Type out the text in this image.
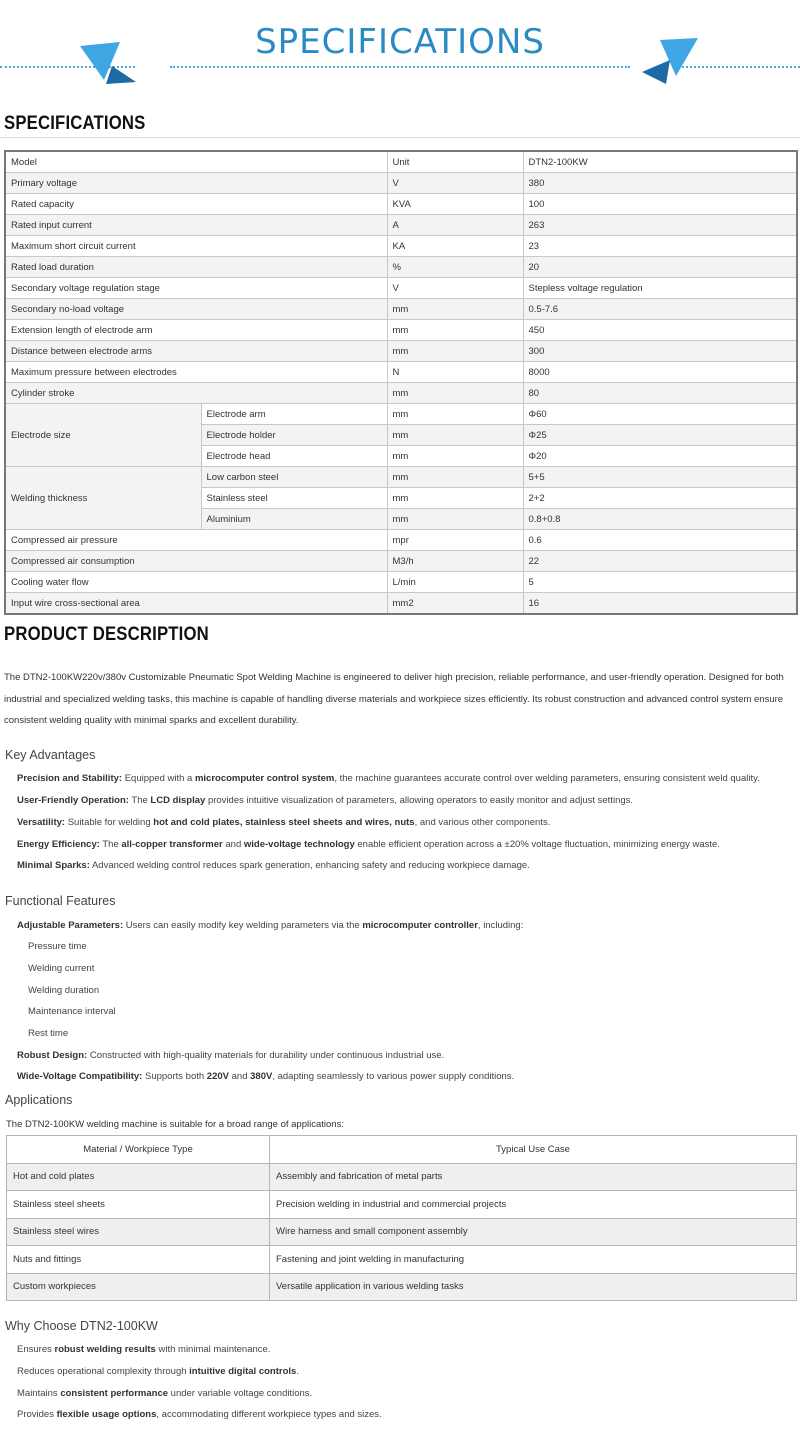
SPECIFICATIONS
SPECIFICATIONS
Model		Unit	DTN2-100KW
Primary voltage		V	380
Rated capacity		KVA	100
Rated input current		A	263
Maximum short circuit current		KA	23
Rated load duration		%	20
Secondary voltage regulation stage		V	Stepless voltage regulation
Secondary no-load voltage		mm	0.5-7.6
Extension length of electrode arm		mm	450
Distance between electrode arms		mm	300
Maximum pressure between electrodes		N	8000
Cylinder stroke		mm	80
Electrode size	Electrode arm	mm	Φ60
	Electrode holder	mm	Φ25
	Electrode head	mm	Φ20
Welding thickness	Low carbon steel	mm	5+5
	Stainless steel	mm	2+2
	Aluminium	mm	0.8+0.8
Compressed air pressure		mpr	0.6
Compressed air consumption		M3/h	22
Cooling water flow		L/min	5
Input wire cross-sectional area		mm2	16
PRODUCT DESCRIPTION
The DTN2-100KW220v/380v Customizable Pneumatic Spot Welding Machine is engineered to deliver high precision, reliable performance, and user-friendly operation. Designed for both industrial and specialized welding tasks, this machine is capable of handling diverse materials and workpiece sizes efficiently. Its robust construction and advanced control system ensure consistent welding quality with minimal sparks and excellent durability.
Key Advantages
Precision and Stability: Equipped with a microcomputer control system, the machine guarantees accurate control over welding parameters, ensuring consistent weld quality.
User-Friendly Operation: The LCD display provides intuitive visualization of parameters, allowing operators to easily monitor and adjust settings.
Versatility: Suitable for welding hot and cold plates, stainless steel sheets and wires, nuts, and various other components.
Energy Efficiency: The all-copper transformer and wide-voltage technology enable efficient operation across a ±20% voltage fluctuation, minimizing energy waste.
Minimal Sparks: Advanced welding control reduces spark generation, enhancing safety and reducing workpiece damage.
Functional Features
Adjustable Parameters: Users can easily modify key welding parameters via the microcomputer controller, including:
Pressure time
Welding current
Welding duration
Maintenance interval
Rest time
Robust Design: Constructed with high-quality materials for durability under continuous industrial use.
Wide-Voltage Compatibility: Supports both 220V and 380V, adapting seamlessly to various power supply conditions.
Applications
The DTN2-100KW welding machine is suitable for a broad range of applications:
Material / Workpiece Type	Typical Use Case
Hot and cold plates	Assembly and fabrication of metal parts
Stainless steel sheets	Precision welding in industrial and commercial projects
Stainless steel wires	Wire harness and small component assembly
Nuts and fittings	Fastening and joint welding in manufacturing
Custom workpieces	Versatile application in various welding tasks
Why Choose DTN2-100KW
Ensures robust welding results with minimal maintenance.
Reduces operational complexity through intuitive digital controls.
Maintains consistent performance under variable voltage conditions.
Provides flexible usage options, accommodating different workpiece types and sizes.
